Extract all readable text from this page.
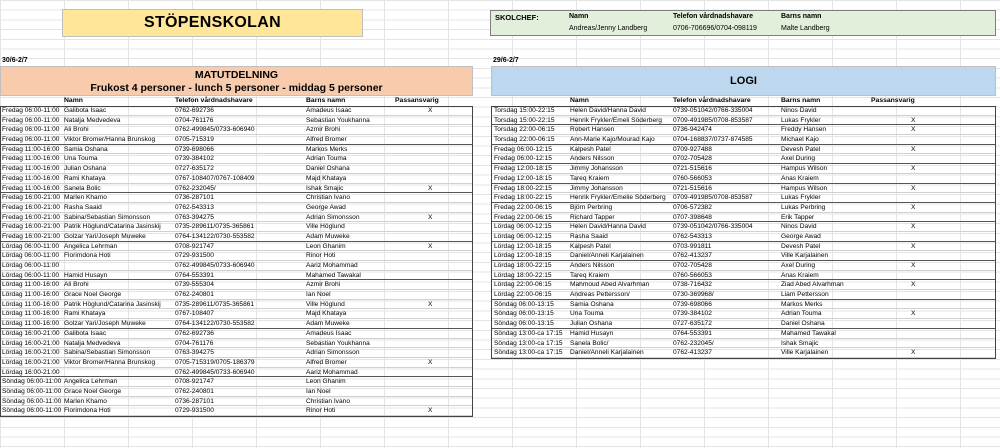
STÖPENSKOLAN	SKOLCHEF:	Namn	Telefon vårdnadshavare	Barns namn
Andreas/Jenny Landberg	0706-706696/0704-098119	Malte Landberg
30/6-2/7	29/6-2/7
MATUTDELNING
Frukost 4 personer - lunch 5 personer - middag 5 personer
LOGI
Namn	Telefon vårdnadshavare	Barns namn	Passansvarig	Namn	Telefon vårdnadshavare	Barns namn	Passansvarig
Fredag 06:00-11:00 Galibota Isaac	0762-692736	Amadeus Isaac	X
Fredag 06:00-11:00 Natalja Medvedeva	0704-761176	Sebastian Youkhanna
Fredag 06:00-11:00 Ali Brohi	0762-499845/0733-606940	Azmir Brohi
Fredag 06:00-11:00 Viktor Bromer/Hanna Brunskog	0705-715319	Alfred Bromer
Fredag 11:00-16:00 Samia Oshana	0739-698066	Markos Merks
Fredag 11:00-16:00 Una Touma	0739-384102	Adrian Touma
Fredag 11:00-16:00 Julian Oshana	0727-635172	Daniel Oshana
Fredag 11:00-16:00 Rami Khataya	0767-108407/0767-108409	Majd Khataya
Fredag 11:00-16:00 Sanela Bolic	0762-232045/	Ishak Smajic	X
Fredag 16:00-21:00 Marlen Khamo	0736-287101	Christian Ivano
Fredag 16:00-21:00 Rasha Saaid	0762-543313	George Awad
Fredag 16:00-21:00 Sabina/Sebastian Simonsson	0763-394275	Adrian Simonsson	X
Fredag 16:00-21:00 Patrik Höglund/Catarina Jasinskij 0735-289611/0735-365861	Ville Höglund
Fredag 16:00-21:00 Golzar Yari/Joseph Muweke	0764-134122/0730-553582	Adam Muweke
Lördag 06:00-11:00 Angelica Lehrman	0708-921747	Leon Ghanim	X
Lördag 06:00-11:00 Florimdona Hoti	0729-931500	Rinor Hoti
Lördag 06:00-11:00	0762-499845/0733-606940	Aariz Mohammad
Lördag 06:00-11:00 Hamid Husayn	0764-553391	Mahamed Tawakal
Lördag 11:00-16:00 Ali Brohi	0739-555304	Azmir Brohi
Lördag 11:00-16:00 Grace Noel George	0762-240801	Ian Noel
Lördag 11:00-16:00 Patrik Höglund/Catarina Jasinskij 0735-289611/0735-365861	Ville Höglund	X
Lördag 11:00-16:00 Rami Khataya	0767-108407	Majd Khataya
Lördag 11:00-16:00 Golzar Yari/Joseph Muweke	0764-134122/0730-553582	Adam Muweke
Lördag 16:00-21:00 Galibota Isaac	0762-692736	Amadeus Isaac
Lördag 16:00-21:00 Natalja Medvedeva	0704-761176	Sebastian Youkhanna
Lördag 16:00-21:00 Sabina/Sebastian Simonsson	0763-394275	Adrian Simonsson
Lördag 16:00-21:00 Viktor Bromer/Hanna Brunskog	0705-715319/0705-186379	Alfred Bromer	X
Lördag 16:00-21:00	0762-499845/0733-606940	Aariz Mohammad
Söndag 06:00-11:00 Angelica Lehrman	0708-921747	Leon Ghanim
Söndag 06:00-11:00 Grace Noel George	0762-240801	Ian Noel
Söndag 06:00-11:00 Marlen Khamo	0736-287101	Christian Ivano
Söndag 06:00-11:00 Florimdona Hoti	0729-931500	Rinor Hoti	X
Torsdag 15:00-22:15 Helen David/Hanna David	0739-051042/0766-335004	Ninos David
Torsdag 15:00-22:15 Henrik Frykler/Emeli Söderberg 0709-491985/0708-853587	Lukas Frykler	X
Torsdag 22:00-06:15 Robert Hansen	0736-942474	Freddy Hansen	X
Torsdag 22:00-06:15 Ann-Marie Kajo/Mourad Kajo	0704-168837/0737-874585	Michael Kajo
Fredag 06:00-12:15	Kalpesh Patel	0709-927488	Devesh Patel	X
Fredag 06:00-12:15	Anders Nilsson	0702-705428	Axel During
Fredag 12:00-18:15	Jimmy Johansson	0721-515616	Hampus Wilson	X
Fredag 12:00-18:15	Tareq Kraiem	0760-566053	Anas Kraiem
Fredag 18:00-22:15	Jimmy Johansson	0721-515616	Hampus Wilson	X
Fredag 18:00-22:15	Henrik Frykler/Emelie Söderberg 0709-491985/0708-853587	Lukas Frykler
Fredag 22:00-06:15	Björn Perbring	0706-572382	Lukas Perbring	X
Fredag 22:00-06:15	Richard Tapper	0707-398648	Erik Tapper
Lördag 06:00-12:15	Helen David/Hanna David	0739-051042/0766-335004	Ninos David	X
Lördag 06:00-12:15	Rasha Saaid	0762-543313	George Awad
Lördag 12:00-18:15	Kalpesh Patel	0703-991811	Devesh Patel	X
Lördag 12:00-18:15	Daniel/Anneli Karjalainen	0762-413237	Ville Karjalainen
Lördag 18:00-22:15	Anders Nilsson	0702-705428	Axel During	X
Lördag 18:00-22:15	Tareq Kraiem	0760-566053	Anas Kraiem
Lördag 22:00-06:15	Mahmoud Abed Alvarhman	0738-716432	Ziad Abed Alvarhman	X
Lördag 22:00-06:15	Andreas Pettersson/	0730-369968/	Liam Pettersson
Söndag 06:00-13:15 Samia Oshana	0739-698066	Markos Merks
Söndag 06:00-13:15 Una Touma	0739-384102	Adrian Touma	X
Söndag 06:00-13:15 Julian Oshana	0727-635172	Daniel Oshana
Söndag 13:00-ca 17:15 Hamid Husayn	0764-553391	Mahamed Tawakal
Söndag 13:00-ca 17:15 Sanela Bolic/	0762-232045/	Ishak Smajic
Söndag 13:00-ca 17:15 Daniel/Anneli Karjalainen	0762-413237	Ville Karjalainen	X
